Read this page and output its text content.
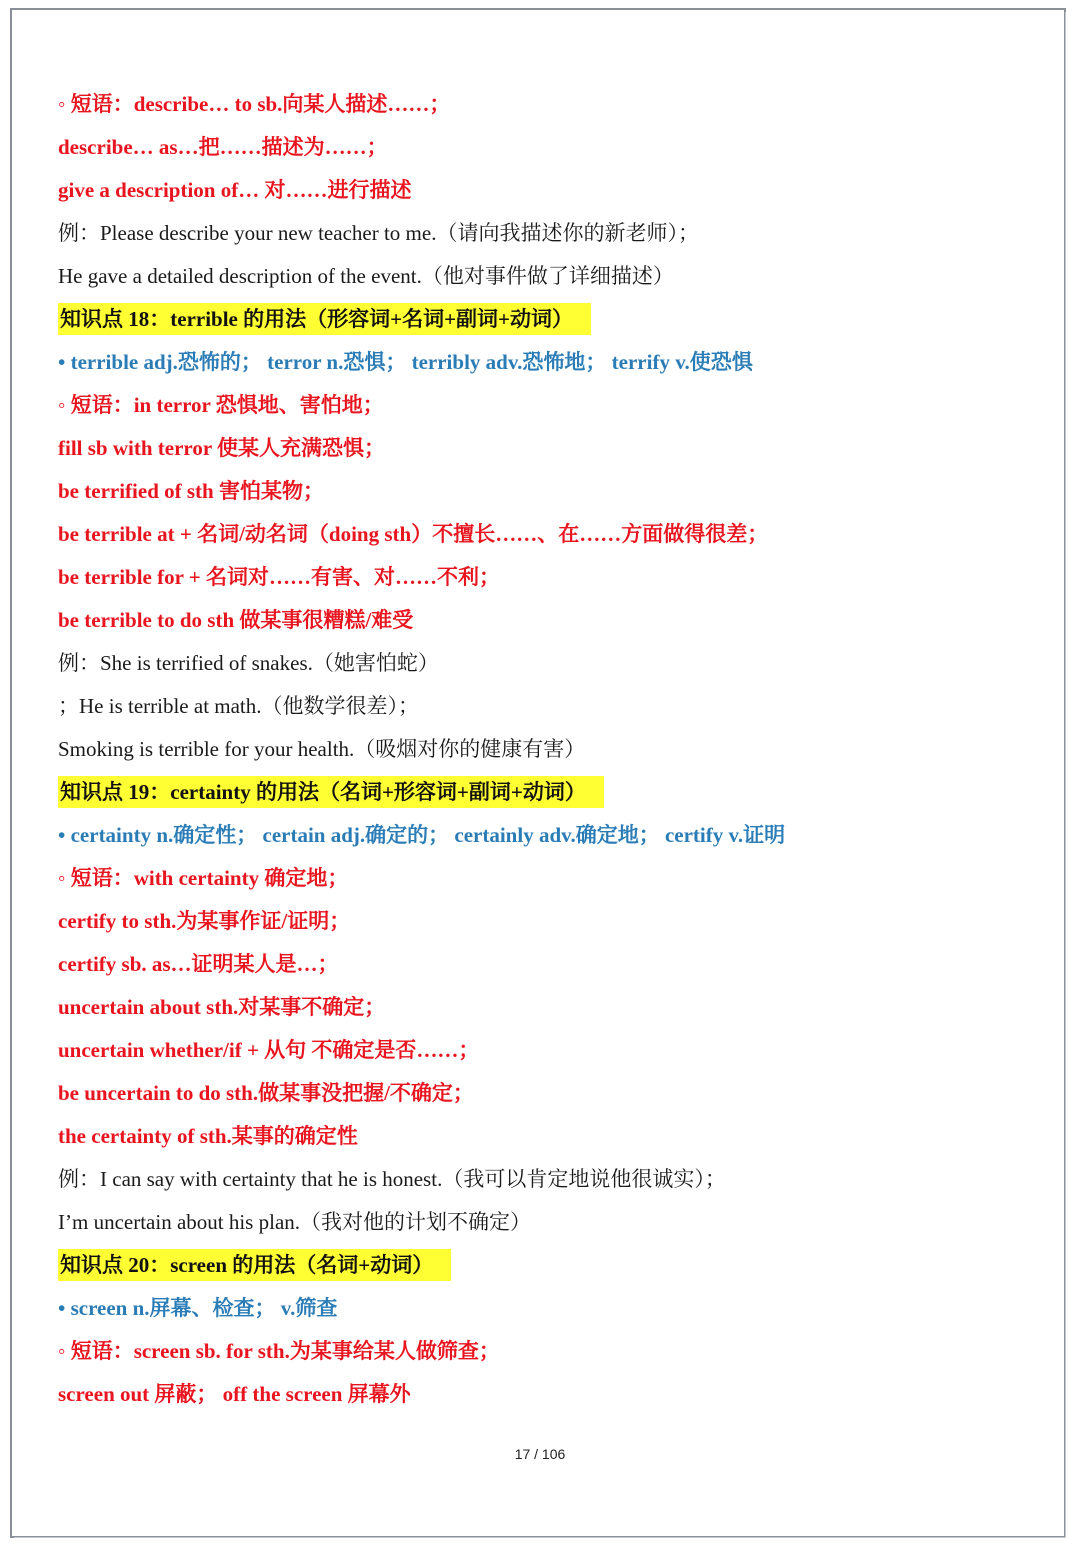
◦ 短语：describe… to sb.向某人描述……；
describe… as…把……描述为……；
give a description of… 对……进行描述
例：Please describe your new teacher to me.（请向我描述你的新老师）；
He gave a detailed description of the event.（他对事件做了详细描述）
知识点 18：terrible 的用法（形容词+名词+副词+动词）
• terrible adj.恐怖的； terror n.恐惧； terribly adv.恐怖地； terrify v.使恐惧
◦ 短语：in terror 恐惧地、害怕地；
fill sb with terror 使某人充满恐惧；
be terrified of sth 害怕某物；
be terrible at + 名词/动名词（doing sth）不擅长……、在……方面做得很差；
be terrible for + 名词对……有害、对……不利；
be terrible to do sth 做某事很糟糕/难受
例：She is terrified of snakes.（她害怕蛇）
；He is terrible at math.（他数学很差）；
Smoking is terrible for your health.（吸烟对你的健康有害）
知识点 19：certainty 的用法（名词+形容词+副词+动词）
• certainty n.确定性； certain adj.确定的； certainly adv.确定地； certify v.证明
◦ 短语：with certainty 确定地；
certify to sth.为某事作证/证明；
certify sb. as…证明某人是…；
uncertain about sth.对某事不确定；
uncertain whether/if + 从句 不确定是否……；
be uncertain to do sth.做某事没把握/不确定；
the certainty of sth.某事的确定性
例：I can say with certainty that he is honest.（我可以肯定地说他很诚实）；
I’m uncertain about his plan.（我对他的计划不确定）
知识点 20：screen 的用法（名词+动词）
• screen n.屏幕、检查； v.筛查
◦ 短语：screen sb. for sth.为某事给某人做筛查；
screen out 屏蔽； off the screen 屏幕外
17 / 106
